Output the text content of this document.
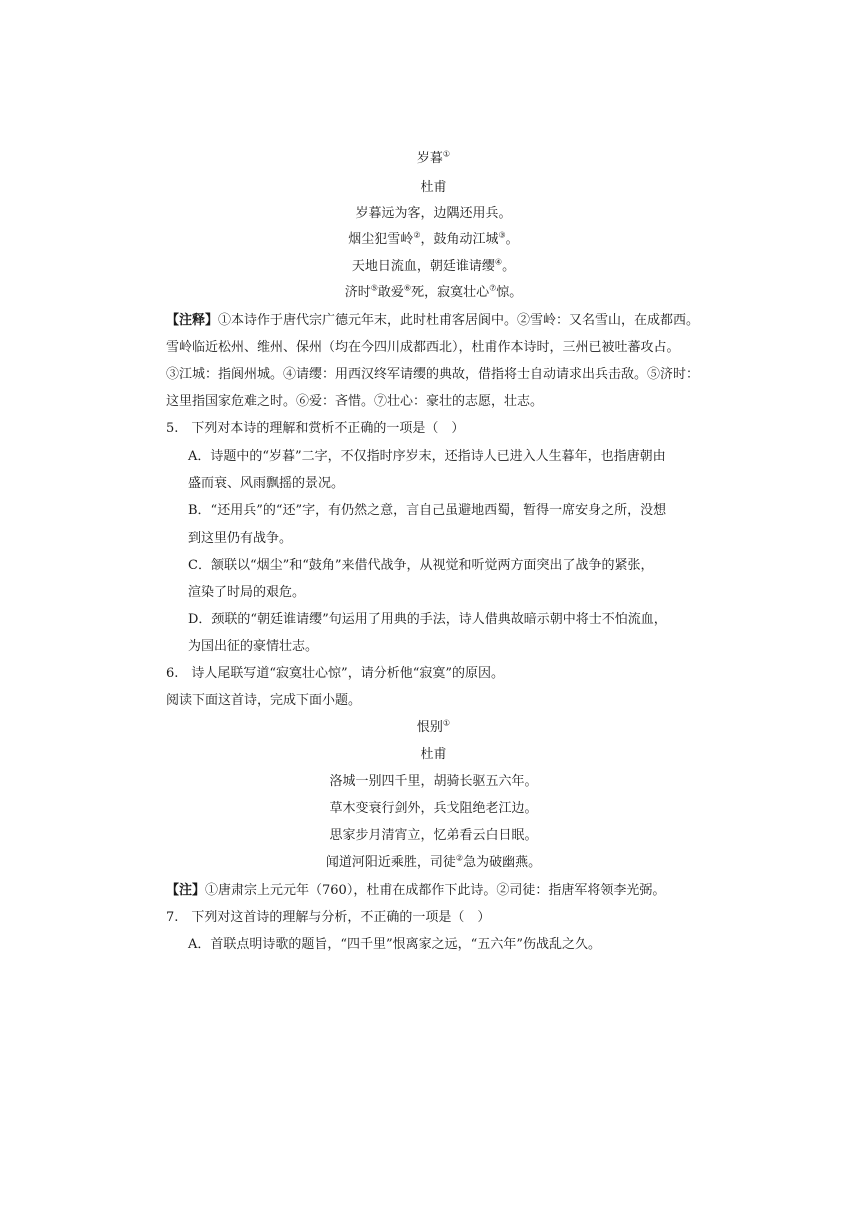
岁暮①
杜甫
岁暮远为客，边隅还用兵。
烟尘犯雪岭②，鼓角动江城③。
天地日流血，朝廷谁请缨④。
济时⑤敢爱⑥死，寂寞壮心⑦惊。
【注释】①本诗作于唐代宗广德元年末，此时杜甫客居阆中。②雪岭：又名雪山，在成都西。
雪岭临近松州、维州、保州（均在今四川成都西北），杜甫作本诗时，三州已被吐蕃攻占。
③江城：指阆州城。④请缨：用西汉终军请缨的典故，借指将士自动请求出兵击敌。⑤济时：
这里指国家危难之时。⑥爱：吝惜。⑦壮心：豪壮的志愿，壮志。
5.　下列对本诗的理解和赏析不正确的一项是（　）
A．诗题中的“岁暮”二字，不仅指时序岁末，还指诗人已进入人生暮年，也指唐朝由
盛而衰、风雨飘摇的景况。
B．“还用兵”的“还”字，有仍然之意，言自己虽避地西蜀，暂得一席安身之所，没想
到这里仍有战争。
C．颔联以“烟尘”和“鼓角”来借代战争，从视觉和听觉两方面突出了战争的紧张，
渲染了时局的艰危。
D．颈联的“朝廷谁请缨”句运用了用典的手法，诗人借典故暗示朝中将士不怕流血，
为国出征的豪情壮志。
6.　诗人尾联写道“寂寞壮心惊”，请分析他“寂寞”的原因。
阅读下面这首诗，完成下面小题。
恨别①
杜甫
洛城一别四千里，胡骑长驱五六年。
草木变衰行剑外，兵戈阻绝老江边。
思家步月清宵立，忆弟看云白日眠。
闻道河阳近乘胜，司徒②急为破幽燕。
【注】①唐肃宗上元元年（760），杜甫在成都作下此诗。②司徒：指唐军将领李光弼。
7.　下列对这首诗的理解与分析，不正确的一项是（　）
A．首联点明诗歌的题旨，“四千里”恨离家之远，“五六年”伤战乱之久。
